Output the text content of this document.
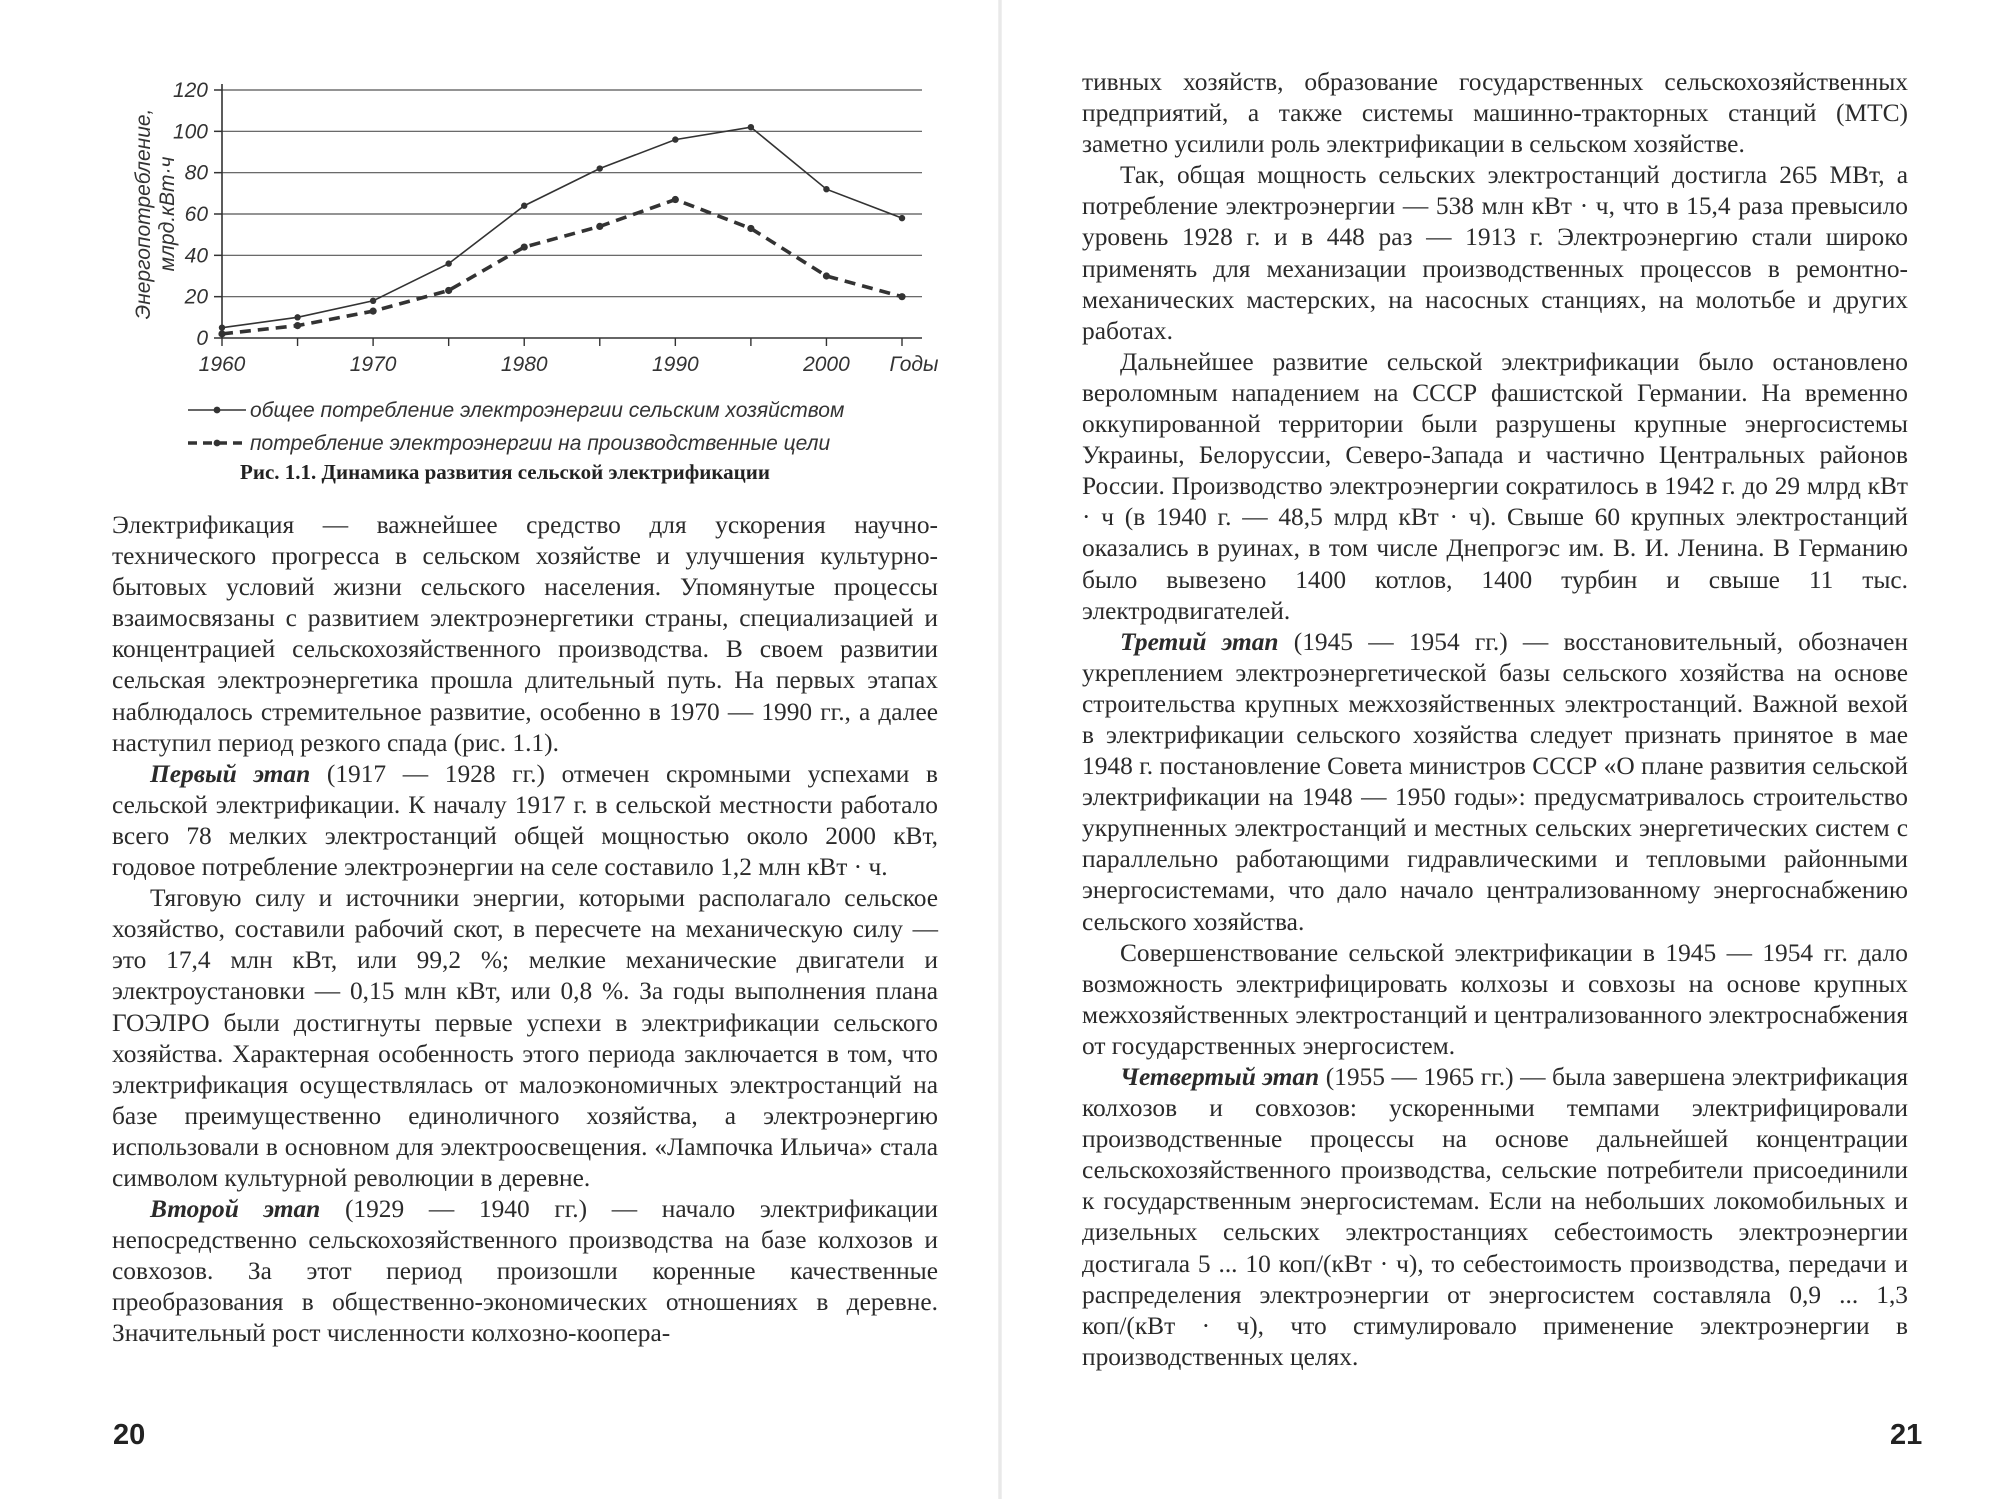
0
20
40
60
80
100
120
1960	1970	1980	1990	2000 Годы
Энергопотребление, млрд.кВт·ч
общее потребление электроэнергии сельским хозяйством
потребление электроэнергии на производственные цели
Рис. 1.1. Динамика развития сельской электрификации

Электрификация — важнейшее средство для ускорения научно-технического прогресса в сельском хозяйстве и улучшения культурно-бытовых условий жизни сельского населения. Упомянутые процессы взаимосвязаны с развитием электроэнергетики страны, специализацией и концентрацией сельскохозяйственного производства. В своем развитии сельская электроэнергетика прошла длительный путь. На первых этапах наблюдалось стремительное развитие, особенно в 1970 — 1990 гг., а далее наступил период резкого спада (рис. 1.1).

Первый этап (1917 — 1928 гг.) отмечен скромными успехами в сельской электрификации. К началу 1917 г. в сельской местности работало всего 78 мелких электростанций общей мощностью около 2000 кВт, годовое потребление электроэнергии на селе составило 1,2 млн кВт · ч.

Тяговую силу и источники энергии, которыми располагало сельское хозяйство, составили рабочий скот, в пересчете на механическую силу — это 17,4 млн кВт, или 99,2 %; мелкие механические двигатели и электроустановки — 0,15 млн кВт, или 0,8 %. За годы выполнения плана ГОЭЛРО были достигнуты первые успехи в электрификации сельского хозяйства. Характерная особенность этого периода заключается в том, что электрификация осуществлялась от малоэкономичных электростанций на базе преимущественно единоличного хозяйства, а электроэнергию использовали в основном для электроосвещения. «Лампочка Ильича» стала символом культурной революции в деревне.

Второй этап (1929 — 1940 гг.) — начало электрификации непосредственно сельскохозяйственного производства на базе колхозов и совхозов. За этот период произошли коренные качественные преобразования в общественно-экономических отношениях в деревне. Значительный рост численности колхозно-коопера-

20

тивных хозяйств, образование государственных сельскохозяйственных предприятий, а также системы машинно-тракторных станций (МТС) заметно усилили роль электрификации в сельском хозяйстве.

Так, общая мощность сельских электростанций достигла 265 МВт, а потребление электроэнергии — 538 млн кВт · ч, что в 15,4 раза превысило уровень 1928 г. и в 448 раз — 1913 г. Электроэнергию стали широко применять для механизации производственных процессов в ремонтно-механических мастерских, на насосных станциях, на молотьбе и других работах.

Дальнейшее развитие сельской электрификации было остановлено вероломным нападением на СССР фашистской Германии. На временно оккупированной территории были разрушены крупные энергосистемы Украины, Белоруссии, Северо-Запада и частично Центральных районов России. Производство электроэнергии сократилось в 1942 г. до 29 млрд кВт · ч (в 1940 г. — 48,5 млрд кВт · ч). Свыше 60 крупных электростанций оказались в руинах, в том числе Днепрогэс им. В. И. Ленина. В Германию было вывезено 1400 котлов, 1400 турбин и свыше 11 тыс. электродвигателей.

Третий этап (1945 — 1954 гг.) — восстановительный, обозначен укреплением электроэнергетической базы сельского хозяйства на основе строительства крупных межхозяйственных электростанций. Важной вехой в электрификации сельского хозяйства следует признать принятое в мае 1948 г. постановление Совета министров СССР «О плане развития сельской электрификации на 1948 — 1950 годы»: предусматривалось строительство укрупненных электростанций и местных сельских энергетических систем с параллельно работающими гидравлическими и тепловыми районными энергосистемами, что дало начало централизованному энергоснабжению сельского хозяйства.

Совершенствование сельской электрификации в 1945 — 1954 гг. дало возможность электрифицировать колхозы и совхозы на основе крупных межхозяйственных электростанций и централизованного электроснабжения от государственных энергосистем.

Четвертый этап (1955 — 1965 гг.) — была завершена электрификация колхозов и совхозов: ускоренными темпами электрифицировали производственные процессы на основе дальнейшей концентрации сельскохозяйственного производства, сельские потребители присоединили к государственным энергосистемам. Если на небольших локомобильных и дизельных сельских электростанциях себестоимость электроэнергии достигала 5 ... 10 коп/(кВт · ч), то себестоимость производства, передачи и распределения электроэнергии от энергосистем составляла 0,9 ... 1,3 коп/(кВт · ч), что стимулировало применение электроэнергии в производственных целях.

21
